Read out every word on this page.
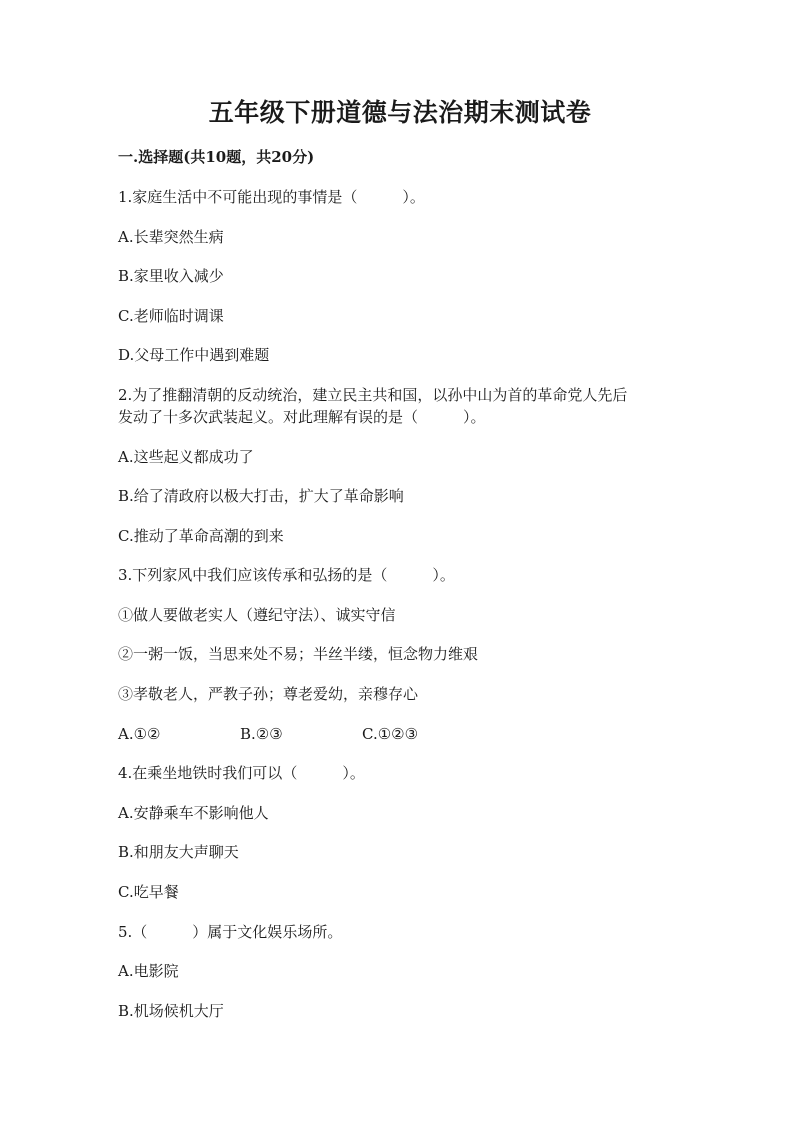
五年级下册道德与法治期末测试卷
一.选择题(共10题，共20分)
1.家庭生活中不可能出现的事情是（　　　）。
A.长辈突然生病
B.家里收入减少
C.老师临时调课
D.父母工作中遇到难题
2.为了推翻清朝的反动统治，建立民主共和国，以孙中山为首的革命党人先后
发动了十多次武装起义。对此理解有误的是（　　　）。
A.这些起义都成功了
B.给了清政府以极大打击，扩大了革命影响
C.推动了革命高潮的到来
3.下列家风中我们应该传承和弘扬的是（　　　）。
①做人要做老实人（遵纪守法）、诚实守信
②一粥一饭，当思来处不易；半丝半缕，恒念物力维艰
③孝敬老人，严教子孙；尊老爱幼，亲穆存心
A.①②	B.②③	C.①②③
4.在乘坐地铁时我们可以（　　　）。
A.安静乘车不影响他人
B.和朋友大声聊天
C.吃早餐
5.（　　　）属于文化娱乐场所。
A.电影院
B.机场候机大厅
